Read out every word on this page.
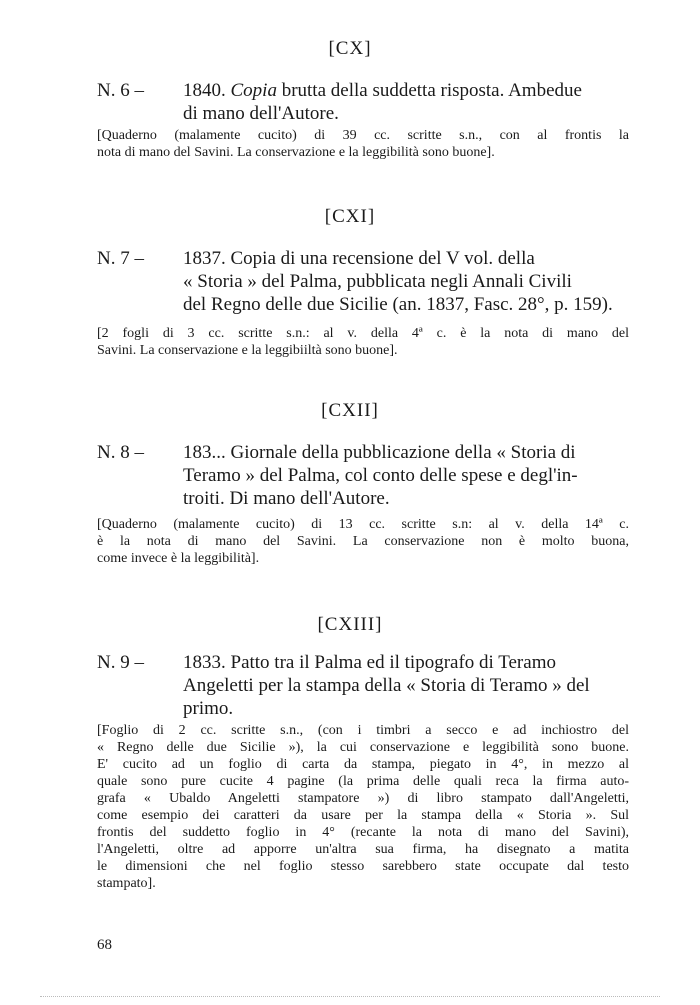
[CX]
N. 6 – 1840. Copia brutta della suddetta risposta. Ambedue
di mano dell'Autore.
[Quaderno (malamente cucito) di 39 cc. scritte s.n., con al frontis la
nota di mano del Savini. La conservazione e la leggibilità sono buone].
[CXI]
N. 7 – 1837. Copia di una recensione del V vol. della
« Storia » del Palma, pubblicata negli Annali Civili
del Regno delle due Sicilie (an. 1837, Fasc. 28°, p. 159).
[2 fogli di 3 cc. scritte s.n.: al v. della 4ª c. è la nota di mano del
Savini. La conservazione e la leggibiiltà sono buone].
[CXII]
N. 8 – 183... Giornale della pubblicazione della « Storia di
Teramo » del Palma, col conto delle spese e degl'in-
troiti. Di mano dell'Autore.
[Quaderno (malamente cucito) di 13 cc. scritte s.n: al v. della 14ª c.
è la nota di mano del Savini. La conservazione non è molto buona,
come invece è la leggibilità].
[CXIII]
N. 9 – 1833. Patto tra il Palma ed il tipografo di Teramo
Angeletti per la stampa della « Storia di Teramo » del
primo.
[Foglio di 2 cc. scritte s.n., (con i timbri a secco e ad inchiostro del
« Regno delle due Sicilie »), la cui conservazione e leggibilità sono buone.
E' cucito ad un foglio di carta da stampa, piegato in 4°, in mezzo al
quale sono pure cucite 4 pagine (la prima delle quali reca la firma auto-
grafa « Ubaldo Angeletti stampatore ») di libro stampato dall'Angeletti,
come esempio dei caratteri da usare per la stampa della « Storia ». Sul
frontis del suddetto foglio in 4° (recante la nota di mano del Savini),
l'Angeletti, oltre ad apporre un'altra sua firma, ha disegnato a matita
le dimensioni che nel foglio stesso sarebbero state occupate dal testo
stampato].
68
